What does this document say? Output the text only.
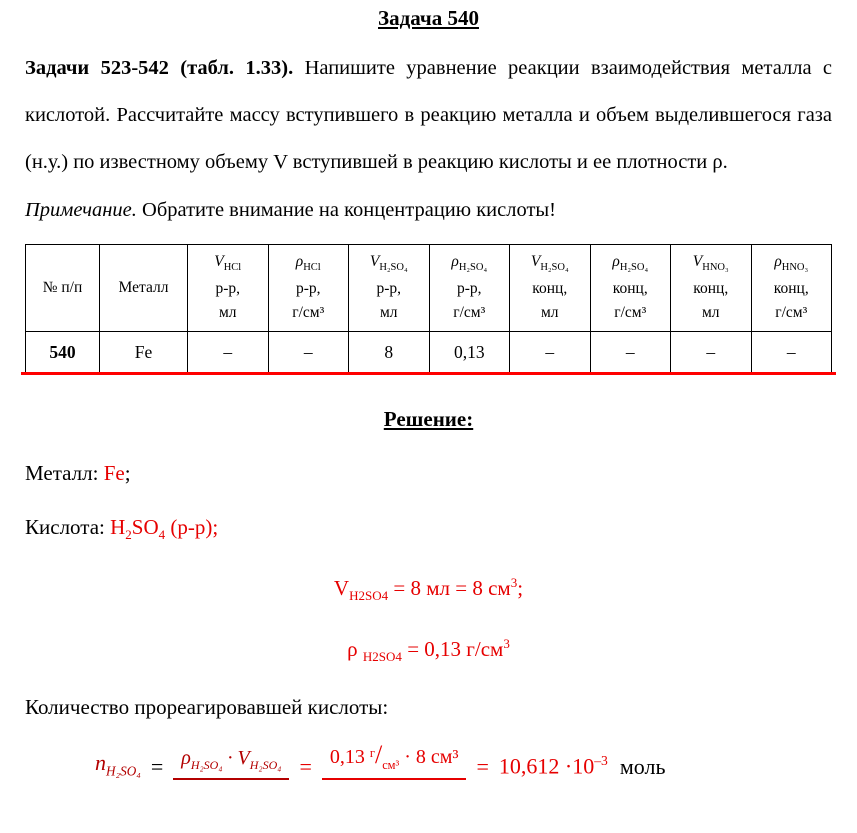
Задача 540

Задачи 523-542 (табл. 1.33). Напишите уравнение реакции взаимодействия металла с кислотой. Рассчитайте массу вступившего в реакцию металла и объем выделившегося газа (н.у.) по известному объему V вступившей в реакцию кислоты и ее плотности ρ.

Примечание. Обратите внимание на концентрацию кислоты!

№ п/п	Металл	$V_{HCl}$
р-р,
мл	$\rho_{HCl}$
р-р,
г/см³	$V_{H_2SO_4}$
р-р,
мл	$\rho_{H_2SO_4}$
р-р,
г/см³	$V_{H_2SO_4}$
конц,
мл	$\rho_{H_2SO_4}$
конц,
г/см³	$V_{HNO_3}$
конц,
мл	$\rho_{HNO_3}$
конц,
г/см³

540	Fe	–	–	8	0,13	–	–	–	–
Решение:

Металл: Fe;

Кислота: $H_2SO_4$ (р-р);

$V_{H2SO4} = 8$ мл = 8 $см^3$;

ρ $_{H2SO4}$ = 0,13 $г/см^3$

Количество прореагировавшей кислоты:

$n_{H_2SO_4} = \rho_{H_2SO_4} \cdot V_{H_2SO_4} = 0,13$ $^г/_{см^3} \cdot 8$ $см^3 = 10,612 \cdot 10^{-3}$ моль
